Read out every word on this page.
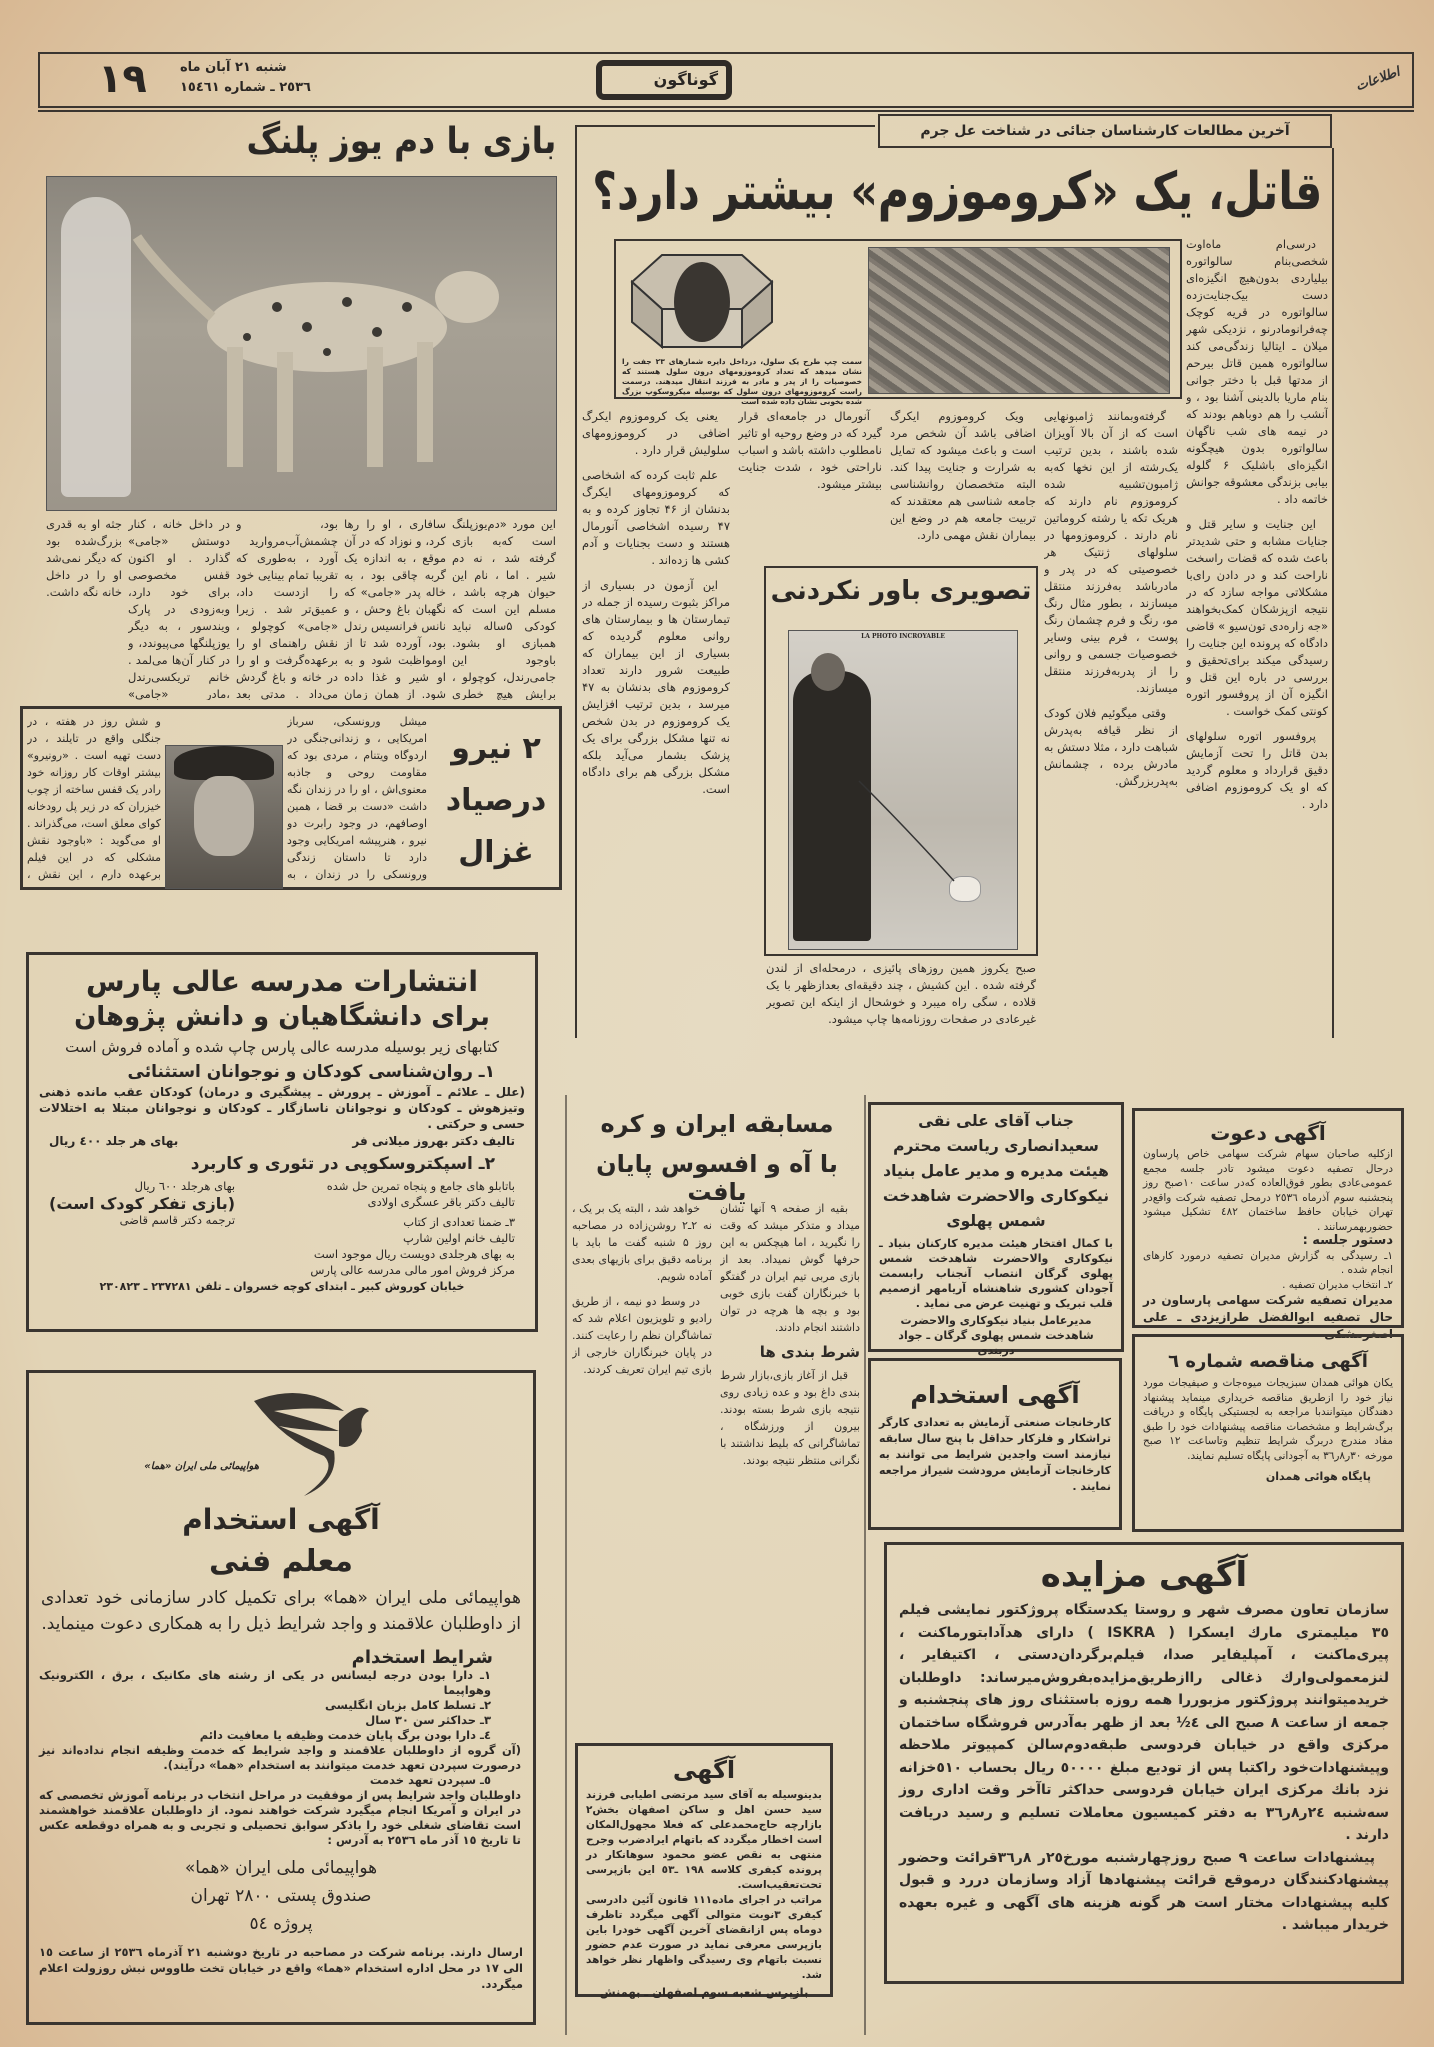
١٩	شنبه ٢١ آبان ماه
٢٥٣٦ ـ شماره ١٥٤٦١	گوناگون	اطلاعات
آخرین مطالعات کارشناسان جنائی در شناخت عل جرم
قاتل، یک «کروموزوم» بیشتر دارد؟
سمت چپ طرح یک سلول، درداخل دایره شمارهای ۲۳ جفت را نشان میدهد که تعداد کروموزومهای درون سلول هستند که خصوصیات را از پدر و مادر به فرزند انتقال میدهند. درسمت راست کروموزومهای درون سلول که بوسیله میکروسکوپ بزرگ شده بخوبی نشان داده شده است

درسی‌ام ماه‌اوت شخصی‌بنام سالواتوره بیلیاردی بدون‌هیچ انگیزه‌ای دست بیک‌جنایت‌زده سالواتوره در قریه کوچک چه‌فرانومادرنو ، نزدیکی شهر میلان ـ ایتالیا زندگی‌می کند سالواتوره همین قاتل بیرحم از مدتها قبل با دختر جوانی بنام ماریا بالدینی آشنا بود ، و آنشب را هم دوباهم بودند که در نیمه های شب ناگهان سالواتوره بدون هیچگونه انگیزه‌ای باشلیک ۶ گلوله بیابی بزندگی معشوقه جوانش خاتمه داد .

این جنایت و سایر قتل و جنایات مشابه و حتی شدیدتر باعث شده که قضات راسخت ناراحت کند و در دادن رای‌با مشکلاتی مواجه سازد که در نتیجه ازپزشکان کمک‌بخواهند «جه زاره‌دی تون‌سیو » قاضی دادگاه که پرونده این جنایت را رسیدگی میکند برای‌تحقیق و بررسی در باره این قتل و انگیزه آن از پروفسور اتوره کونتی کمک خواست .

پروفسور اتوره سلولهای بدن قاتل را تحت آزمایش دقیق قرارداد و معلوم گردید که او یک کروموزوم اضافی دارد .

گرفته‌وبمانند ژامبونهایی است که از آن بالا آویزان شده باشند ، بدین ترتیب یک‌رشته از این نخها که‌به ژامبون‌تشبیه شده کروموزوم نام دارند که هریک تکه یا رشته کروماتین نام دارند . کروموزومها در سلولهای ژنتیک هر خصوصیتی که در پدر و مادرباشد به‌فرزند منتقل میسازند ، بطور مثال رنگ مو، رنگ و فرم چشمان رنگ پوست ، فرم بینی وسایر خصوصیات جسمی و روانی را از پدربه‌فرزند منتقل میسازند.

وقتی میگوئیم فلان کودک از نظر قیافه به‌پدرش شباهت دارد ، مثلا دستش به مادرش برده ، چشمانش به‌پدربزرگش.

ویک کروموزوم ایکرگ اضافی باشد آن شخص مرد است و باعث میشود که تمایل به شرارت و جنایت پیدا کند. البته متخصصان روانشناسی جامعه شناسی هم معتقدند که تربیت جامعه هم در وضع این بیماران نقش مهمی دارد.

آنورمال در جامعه‌ای قرار گیرد که در وضع روحیه او تاثیر نامطلوب داشته باشد و اسباب ناراحتی خود ، شدت جنایت بیشتر میشود.

یعنی یک کروموزوم ایکرگ اضافی در کروموزومهای سلولیش قرار دارد .

علم ثابت کرده که اشخاصی که کروموزومهای ایکرگ بدنشان از ۴۶ تجاوز کرده و به ۴۷ رسیده اشخاصی آنورمال هستند و دست بجنایات و آدم کشی ها زده‌اند .

این آزمون در بسیاری از مراکز بثبوت رسیده از جمله در تیمارستان ها و بیمارستان های روانی معلوم گردیده که بسیاری از این بیماران که طبیعت شرور دارند تعداد کروموزوم های بدنشان به ۴۷ میرسد ، بدین ترتیب افزایش یک کروموزوم در بدن شخص نه تنها مشکل بزرگی برای یک پزشک بشمار می‌آید بلکه مشکل بزرگی هم برای دادگاه است.

تصویری باور نکردنی
LA PHOTO INCROYABLE
صبح یکروز همین روزهای پائیزی ، درمحله‌ای از لندن گرفته شده . این کشیش ، چند دقیقه‌ای بعدازظهر با یک قلاده ، سگی راه میبرد و خوشحال از اینکه این تصویر غیرعادی در صفحات روزنامه‌ها چاپ میشود.
بازی با دم یوز پلنگ
این مورد «دم‌یوزپلنگ است که‌به بازی گرفته شد ، نه دم شیر . اما ، نام این حیوان هرچه باشد ، مسلم این است که کودکی ۵ساله نباید همبازی او بشود. باوجود این جامی‌رندل، کوچولو ، برایش هیچ خطری
سافاری ، او را رها کرد، و نوزاد که در آن موقع ، به اندازه یک گربه چاقی بود ، به خاله پدر «جامی» که نگهبان باغ وحش ، و نانس فرانسیس رندل بود، آورده شد تا از اومواظبت شود و به او شیر و غذا داده شود. از همان زمان
بود، و چشمش‌آب‌مروارید آورد ، به‌طوری که تقریبا تمام بینایی خود را ازدست داد، عمیق‌تر شد . زیرا «جامی» کوچولو ، نقش راهنمای او را برعهده‌گرفت و او را در خانه و باغ گردش می‌داد . مدتی بعد
در داخل خانه ، کنار دوستش «جامی» گذارد . او اکنون قفس مخصوصی برای خود دارد، وبه‌زودی در پارک ویندسور ، به دیگر یوزپلنگها می‌پیوندد، و در کنار آن‌ها می‌لمد . خانم تریکسی‌رندل ،مادر «جامی»
جثه او به قدری بزرگ‌شده بود که دیگر نمی‌شد او را در داخل خانه نگه داشت.
٢ نیرو
درصیاد
غزال
میشل ورونسکی، سرباز امریکایی ، و زندانی‌جنگی در اردوگاه ویتنام ، مردی بود که مقاومت روحی و جاذبه معنوی‌اش ، او را در زندان نگه داشت «دست بر قضا ، همین اوصافهم، در وجود رابرت دو نیرو ، هنرپیشه امریکایی وجود دارد تا داستان زندگی ورونسکی را در زندان ، به
و شش روز در هفته ، در جنگلی واقع در تایلند ، در دست تهیه است . «رونیرو» بیشتر اوقات کار روزانه خود رادر یک قفس ساخته از چوب خیزران که در زیر پل رودخانه کوای معلق است، می‌گذراند . او می‌گوید : «باوجود نقش مشکلی که در این فیلم برعهده دارم ، این نقش ،
انتشارات مدرسه عالی پارس
برای دانشگاهیان و دانش پژوهان
کتابهای زیر بوسیله مدرسه عالی پارس چاپ شده و آماده فروش است
١ـ روان‌شناسی کودکان و نوجوانان استثنائی
(علل ـ علائم ـ آموزش ـ پرورش ـ پیشگیری و درمان) کودکان عقب مانده ذهنی وتیزهوش ـ کودکان و نوجوانان ناسازگار ـ کودکان و نوجوانان مبتلا به اختلالات حسی و حرکتی .
تالیف دکتر بهروز میلانی فر
بهای هر جلد ٤٠٠ ریال
٢ـ اسپکتروسکوپی در تئوری و کاربرد
باتابلو های جامع و پنجاه تمرین حل شده
تالیف دکتر باقر عسگری اولادی
٣ـ ضمنا تعدادی از کتاب
تالیف خانم اولین شارپ
به بهای هرجلدی دویست ریال موجود است
مرکز فروش امور مالی مدرسه عالی پارس
بهای هرجلد ٦٠٠ ریال
(بازی تفکر کودک است)
ترجمه دکتر قاسم قاضی
خیابان کوروش کبیر ـ ابتدای کوچه خسروان ـ تلفن ٢٣٧٢٨١ ـ ٢٣٠٨٢٣
هواپیمائی ملی ایران «هما»
آگهی استخدام
معلم فنی
هواپیمائی ملی ایران «هما» برای تکمیل کادر سازمانی خود تعدادی از داوطلبان علاقمند و واجد شرایط ذیل را به همکاری دعوت مینماید.
شرایط استخدام

١ـ دارا بودن درجه لیسانس در یکی از رشته های مکانیک ، برق ، الکترونیک وهواپیما

٢ـ تسلط کامل بزبان انگلیسی

٣ـ حداکثر سن ٣٠ سال

٤ـ دارا بودن برگ پایان خدمت وظیفه یا معافیت دائم

(آن گروه از داوطلبان علاقمند و واجد شرایط که خدمت وظیفه انجام نداده‌اند نیز درصورت سپردن تعهد خدمت میتوانند به استخدام «هما» درآیند).

٥ـ سپردن تعهد خدمت

داوطلبان واجد شرایط پس از موفقیت در مراحل انتخاب در برنامه آموزش تخصصی که در ایران و آمریکا انجام میگیرد شرکت خواهند نمود. از داوطلبان علاقمند خواهشمند است تقاضای شغلی خود را باذکر سوابق تحصیلی و تجربی و به همراه دوقطعه عکس تا تاریخ ١٥ آذر ماه ٢٥٣٦ به آدرس :

هواپیمائی ملی ایران «هما»
صندوق پستی ٢٨٠٠ تهران
پروژه ٥٤
ارسال دارند. برنامه شرکت در مصاحبه در تاریخ دوشنبه ٢١ آذرماه ٢٥٣٦ از ساعت ١٥ الی ١٧ در محل اداره استخدام «هما» واقع در خیابان تخت طاووس نبش روزولت اعلام میگردد.
مسابقه ایران و کره
با آه و افسوس پایان یافت

بقیه از صفحه ۹ آنها نشان میداد و متذکر میشد که وقت را نگیرید ، اما هیچکس به این حرفها گوش نمیداد. بعد از بازی مربی تیم ایران در گفتگو با خبرنگاران گفت بازی خوبی بود و بچه ها هرچه در توان داشتند انجام دادند.

شرط بندی ها

قبل از آغاز بازی،بازار شرط بندی داغ بود و عده زیادی روی نتیجه بازی شرط بسته بودند. بیرون از ورزشگاه ، تماشاگرانی که بلیط نداشتند با نگرانی منتظر نتیجه بودند.

خواهد شد ، البته یک بر یک ، نه ٢ـ٢ روشن‌زاده در مصاحبه روز ۵ شنبه گفت ما باید با برنامه دقیق برای بازیهای بعدی آماده شویم.

در وسط دو نیمه ، از طریق رادیو و تلویزیون اعلام شد که تماشاگران نظم را رعایت کنند. در پایان خبرنگاران خارجی از بازی تیم ایران تعریف کردند.

آگهی

بدینوسیله به آقای سید مرتضی اطیابی فرزند سید حسن اهل و ساکن اصفهان بخش٢ بازارچه حاج‌محمدعلی که فعلا مجهول‌المکان است اخطار میگردد که باتهام ایرادضرب وجرح منتهی به نقص عضو محمود سوهانکار در پرونده کیفری کلاسه ١٩٨ ـ٥٣ این بازپرسی تحت‌تعقیب‌است.

مراتب در اجرای ماده١١١ قانون آئین دادرسی کیفری ٣نوبت متوالی آگهی میگردد تاظرف دوماه پس ازانقضای آخرین آگهی خودرا باین بازپرسی معرفی نماید در صورت عدم حضور نسبت باتهام وی رسیدگی واظهار نظر خواهد شد.

بازپرس شعبه سوم اصفهان ـ بهمنش

جناب آقای علی نقی سعیدانصاری ریاست محترم هیئت مدیره و مدیر عامل بنیاد نیکوکاری والاحضرت شاهدخت شمس پهلوی
با کمال افتخار هیئت مدیره کارکنان بنیاد ـ نیکوکاری والاحضرت شاهدخت شمس پهلوی گرگان انتصاب آنجناب رابسمت آجودان کشوری شاهنشاه آریامهر ازصمیم قلب تبریک و تهنیت عرض می نماید .
مدیرعامل بنیاد نیکوکاری والاحضرت شاهدخت شمس پهلوی گرگان ـ جواد دربندی
آگهی دعوت

ازکلیه صاحبان سهام شرکت سهامی خاص پارساون درحال تصفیه دعوت میشود تادر جلسه مجمع عمومی‌عادی بطور فوق‌العاده که‌در ساعت ١٠صبح روز پنجشنبه سوم آذرماه ٢٥٣٦ درمحل تصفیه شرکت واقع‌در تهران خیابان حافظ ساختمان ٤٨٢ تشکیل میشود حضوربهمرسانند .

دستور جلسه :

١ـ رسیدگی به گزارش مدیران تصفیه درمورد کارهای انجام شده .

٢ـ انتخاب مدیران تصفیه .

مدیران تصفیه شرکت سهامی پارساون در حال تصفیه ابوالفضل طرازیزدی ـ علی اصغرمشکی

آگهی مناقصه شماره ٦
یکان هوائی همدان سبزیجات میوه‌جات و صیفیجات مورد نیاز خود را ازطریق مناقصه خریداری مینماید پیشنهاد دهندگان میتوانندبا مراجعه به لجستیکی پایگاه و دریافت برگ‌شرایط و مشخصات مناقصه پیشنهادات خود را طبق مفاد مندرج دربرگ شرایط تنظیم وتاساعت ١٢ صبح مورخه ٣٠ر٨ر٣٦ به آجودانی پایگاه تسلیم نمایند.
پایگاه هوائی همدان
آگهی استخدام
کارخانجات صنعتی آزمایش به تعدادی کارگر تراشکار و فلزکار حداقل با پنج سال سابقه نیازمند است واجدین شرایط می توانند به کارخانجات آزمایش مرودشت شیراز مراجعه نمایند .
آگهی مزایده

سازمان تعاون مصرف شهر و روستا یکدستگاه پروژکتور نمایشی فیلم ٣٥ میلیمتری مارك ایسکرا ( ISKRA ) دارای هدآدابتورماکنت ، پیری‌ماکنت ، آمپلیفایر صدا، فیلم‌برگردان‌دستی ، اکتیفایر ، لنزمعمولی‌وارك ذغالی راازطریق‌مزایده‌بفروش‌میرساند: داوطلبان خریدمیتوانند پروژکتور مزبوررا همه روزه باستثنای روز های پنجشنبه و جمعه از ساعت ٨ صبح الی ٤½ بعد از ظهر به‌آدرس فروشگاه ساختمان مرکزی واقع در خیابان فردوسی طبقه‌دوم‌سالن کمپیوتر ملاحظه وپیشنهادات‌خود راکتبا پس از تودیع مبلغ ٥٠٠٠٠ ریال بحساب ٥١٠خزانه نزد بانك مرکزی ایران خیابان فردوسی حداکثر تاآخر وقت اداری روز سه‌شنبه ٢٤ر٨ر٣٦ به دفتر کمیسیون معاملات تسلیم و رسید دریافت دارند .

پیشنهادات ساعت ٩ صبح روزچهارشنبه مورخ٢٥ر ٨ر٣٦قرائت وحضور پیشنهادکنندگان درموقع قرائت پیشنهادها آزاد وسازمان دررد و قبول کلیه پیشنهادات مختار است هر گونه هزینه های آگهی و غیره بعهده خریدار میباشد .
